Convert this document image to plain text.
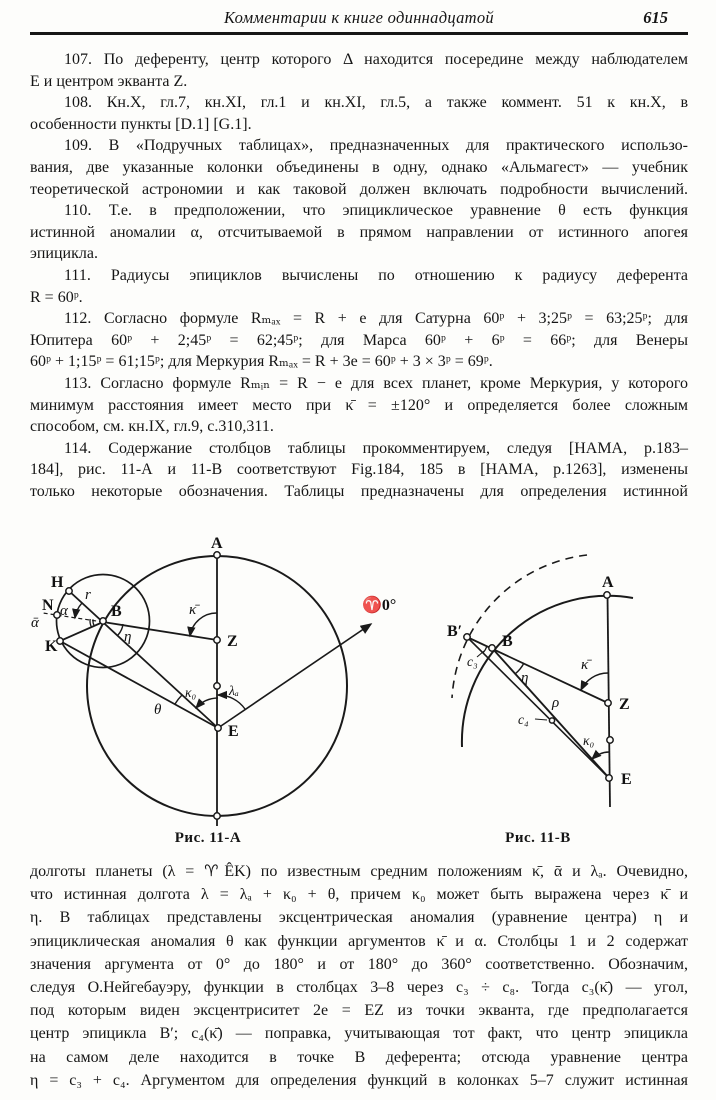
Комментарии к книге одиннадцатой	615
107. По деференту, центр которого Δ находится посередине между наблюдателем
Е и центром экванта Z.
108. Кн.X, гл.7, кн.XI, гл.1 и кн.XI, гл.5, а также коммент. 51 к кн.X, в
особенности пункты [D.1] [G.1].
109. В «Подручных таблицах», предназначенных для практического использо-
вания, две указанные колонки объединены в одну, однако «Альмагест» — учебник
теоретической астрономии и как таковой должен включать подробности вычислений.
110. Т.е. в предположении, что эпициклическое уравнение θ есть функция
истинной аномалии α, отсчитываемой в прямом направлении от истинного апогея
эпицикла.
111. Радиусы эпициклов вычислены по отношению к радиусу деферента
R = 60ᵖ.
112. Согласно формуле Rₘₐₓ = R + e для Сатурна 60ᵖ + 3;25ᵖ = 63;25ᵖ; для
Юпитера 60ᵖ + 2;45ᵖ = 62;45ᵖ; для Марса 60ᵖ + 6ᵖ = 66ᵖ; для Венеры
60ᵖ + 1;15ᵖ = 61;15ᵖ; для Меркурия Rₘₐₓ = R + 3e = 60ᵖ + 3 × 3ᵖ = 69ᵖ.
113. Согласно формуле Rₘᵢₙ = R − e для всех планет, кроме Меркурия, у которого
минимум расстояния имеет место при κ̄ = ±120° и определяется более сложным
способом, см. кн.IX, гл.9, с.310,311.
114. Содержание столбцов таблицы прокомментируем, следуя [HAMA, p.183–
184], рис. 11-А и 11-В соответствуют Fig.184, 185 в [HAMA, p.1263], изменены
только некоторые обозначения. Таблицы предназначены для определения истинной
A
H
N
K
B
Z
E
r
α
ᾱ
η
κ̄
κ₀ λₐ
θ
♈0°
Рис. 11-А
A
B′
B
Z
E
κ̄
κ₀
η
ρ
c₃
c₄
Рис. 11-В
долготы планеты (λ = ♈ÊK) по известным средним положениям κ̄, ᾱ и λₐ. Очевидно,
что истинная долгота λ = λₐ + κ₀ + θ, причем κ₀ может быть выражена через κ̄ и
η. В таблицах представлены эксцентрическая аномалия (уравнение центра) η и
эпициклическая аномалия θ как функции аргументов κ̄ и α. Столбцы 1 и 2 содержат
значения аргумента от 0° до 180° и от 180° до 360° соответственно. Обозначим,
следуя О.Нейгебауэру, функции в столбцах 3–8 через c₃ ÷ c₈. Тогда c₃(κ̄) — угол,
под которым виден эксцентриситет 2e = EZ из точки экванта, где предполагается
центр эпицикла B′; c₄(κ̄) — поправка, учитывающая тот факт, что центр эпицикла
на самом деле находится в точке B деферента; отсюда уравнение центра
η = c₃ + c₄. Аргументом для определения функций в колонках 5–7 служит истинная
